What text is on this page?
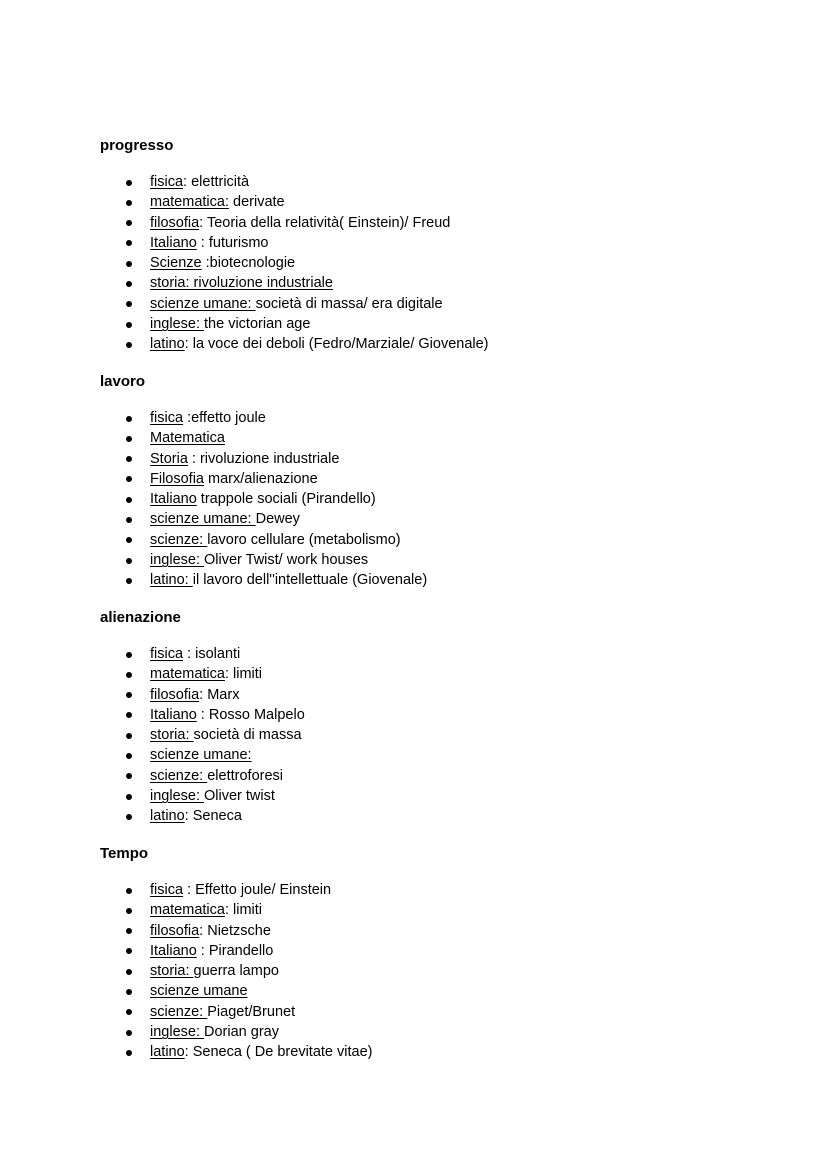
progresso
fisica: elettricità
matematica: derivate
filosofia: Teoria della relatività( Einstein)/ Freud
Italiano : futurismo
Scienze :biotecnologie
storia: rivoluzione industriale
scienze umane: società di massa/ era digitale
inglese: the victorian age
latino: la voce dei deboli (Fedro/Marziale/ Giovenale)
lavoro
fisica :effetto joule
Matematica
Storia : rivoluzione industriale
Filosofia marx/alienazione
Italiano trappole sociali (Pirandello)
scienze umane: Dewey
scienze: lavoro cellulare (metabolismo)
inglese: Oliver Twist/ work houses
latino: il lavoro dell''intellettuale (Giovenale)
alienazione
fisica : isolanti
matematica: limiti
filosofia: Marx
Italiano : Rosso Malpelo
storia: società di massa
scienze umane:
scienze: elettroforesi
inglese: Oliver twist
latino: Seneca
Tempo
fisica : Effetto joule/ Einstein
matematica: limiti
filosofia: Nietzsche
Italiano : Pirandello
storia: guerra lampo
scienze umane
scienze: Piaget/Brunet
inglese: Dorian gray
latino: Seneca ( De brevitate vitae)
